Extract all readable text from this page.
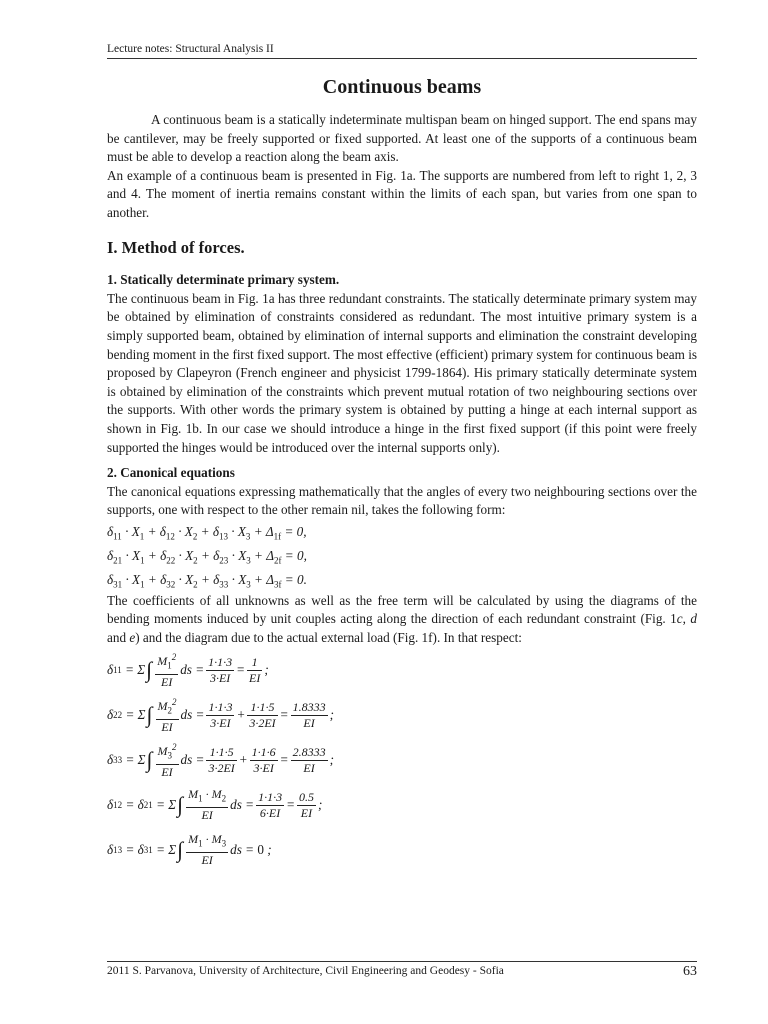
Lecture notes: Structural Analysis II
Continuous beams

A continuous beam is a statically indeterminate multispan beam on hinged support. The end spans may be cantilever, may be freely supported or fixed supported. At least one of the supports of a continuous beam must be able to develop a reaction along the beam axis.

An example of a continuous beam is presented in Fig. 1a. The supports are numbered from left to right 1, 2, 3 and 4. The moment of inertia remains constant within the limits of each span, but varies from one span to another.

I. Method of forces.

1. Statically determinate primary system.

The continuous beam in Fig. 1a has three redundant constraints. The statically determinate primary system may be obtained by elimination of constraints considered as redundant. The most intuitive primary system is a simply supported beam, obtained by elimination of internal supports and elimination the constraint developing bending moment in the first fixed support. The most effective (efficient) primary system for continuous beam is proposed by Clapeyron (French engineer and physicist 1799-1864). His primary statically determinate system is obtained by elimination of the constraints which prevent mutual rotation of two neighbouring sections over the supports. With other words the primary system is obtained by putting a hinge at each internal support as shown in Fig. 1b. In our case we should introduce a hinge in the first fixed support (if this point were freely supported the hinges would be introduced over the internal supports only).

2. Canonical equations

The canonical equations expressing mathematically that the angles of every two neighbouring sections over the supports, one with respect to the other remain nil, takes the following form:

$\delta_{11} \cdot X_1 + \delta_{12} \cdot X_2 + \delta_{13} \cdot X_3 + \Delta_{1f} = 0$,
$\delta_{21} \cdot X_1 + \delta_{22} \cdot X_2 + \delta_{23} \cdot X_3 + \Delta_{2f} = 0$,
$\delta_{31} \cdot X_1 + \delta_{32} \cdot X_2 + \delta_{33} \cdot X_3 + \Delta_{3f} = 0$.

The coefficients of all unknowns as well as the free term will be calculated by using the diagrams of the bending moments induced by unit couples acting along the direction of each redundant constraint (Fig. 1c, d and e) and the diagram due to the actual external load (Fig. 1f). In that respect:

δ 11 = Σ ∫ $\frac{M_1^2}{EI}$ ds = $\frac{1\cdot 1\cdot 3}{3\cdot EI} = \frac{1}{EI}$ ;
δ 22 = Σ ∫ $\frac{M_2^2}{EI}$ ds = $\frac{1\cdot 1\cdot 3}{3\cdot EI} + \frac{1\cdot 1\cdot 5}{3\cdot 2EI} = \frac{1.8333}{EI}$ ;
δ 33 = Σ ∫ $\frac{M_3^2}{EI}$ ds = $\frac{1\cdot 1\cdot 5}{3\cdot 2EI} + \frac{1\cdot 1\cdot 6}{3\cdot EI} = \frac{2.8333}{EI}$ ;
δ 12 = δ 21 = Σ ∫ $\frac{M_1 \cdot M_2}{EI}$ ds = $\frac{1\cdot 1\cdot 3}{6\cdot EI} = \frac{0.5}{EI}$ ;
δ 13 = δ 31 = Σ ∫ $\frac{M_1 \cdot M_3}{EI}$ ds = 0
;
2011 S. Parvanova, University of Architecture, Civil Engineering and Geodesy - Sofia	63
